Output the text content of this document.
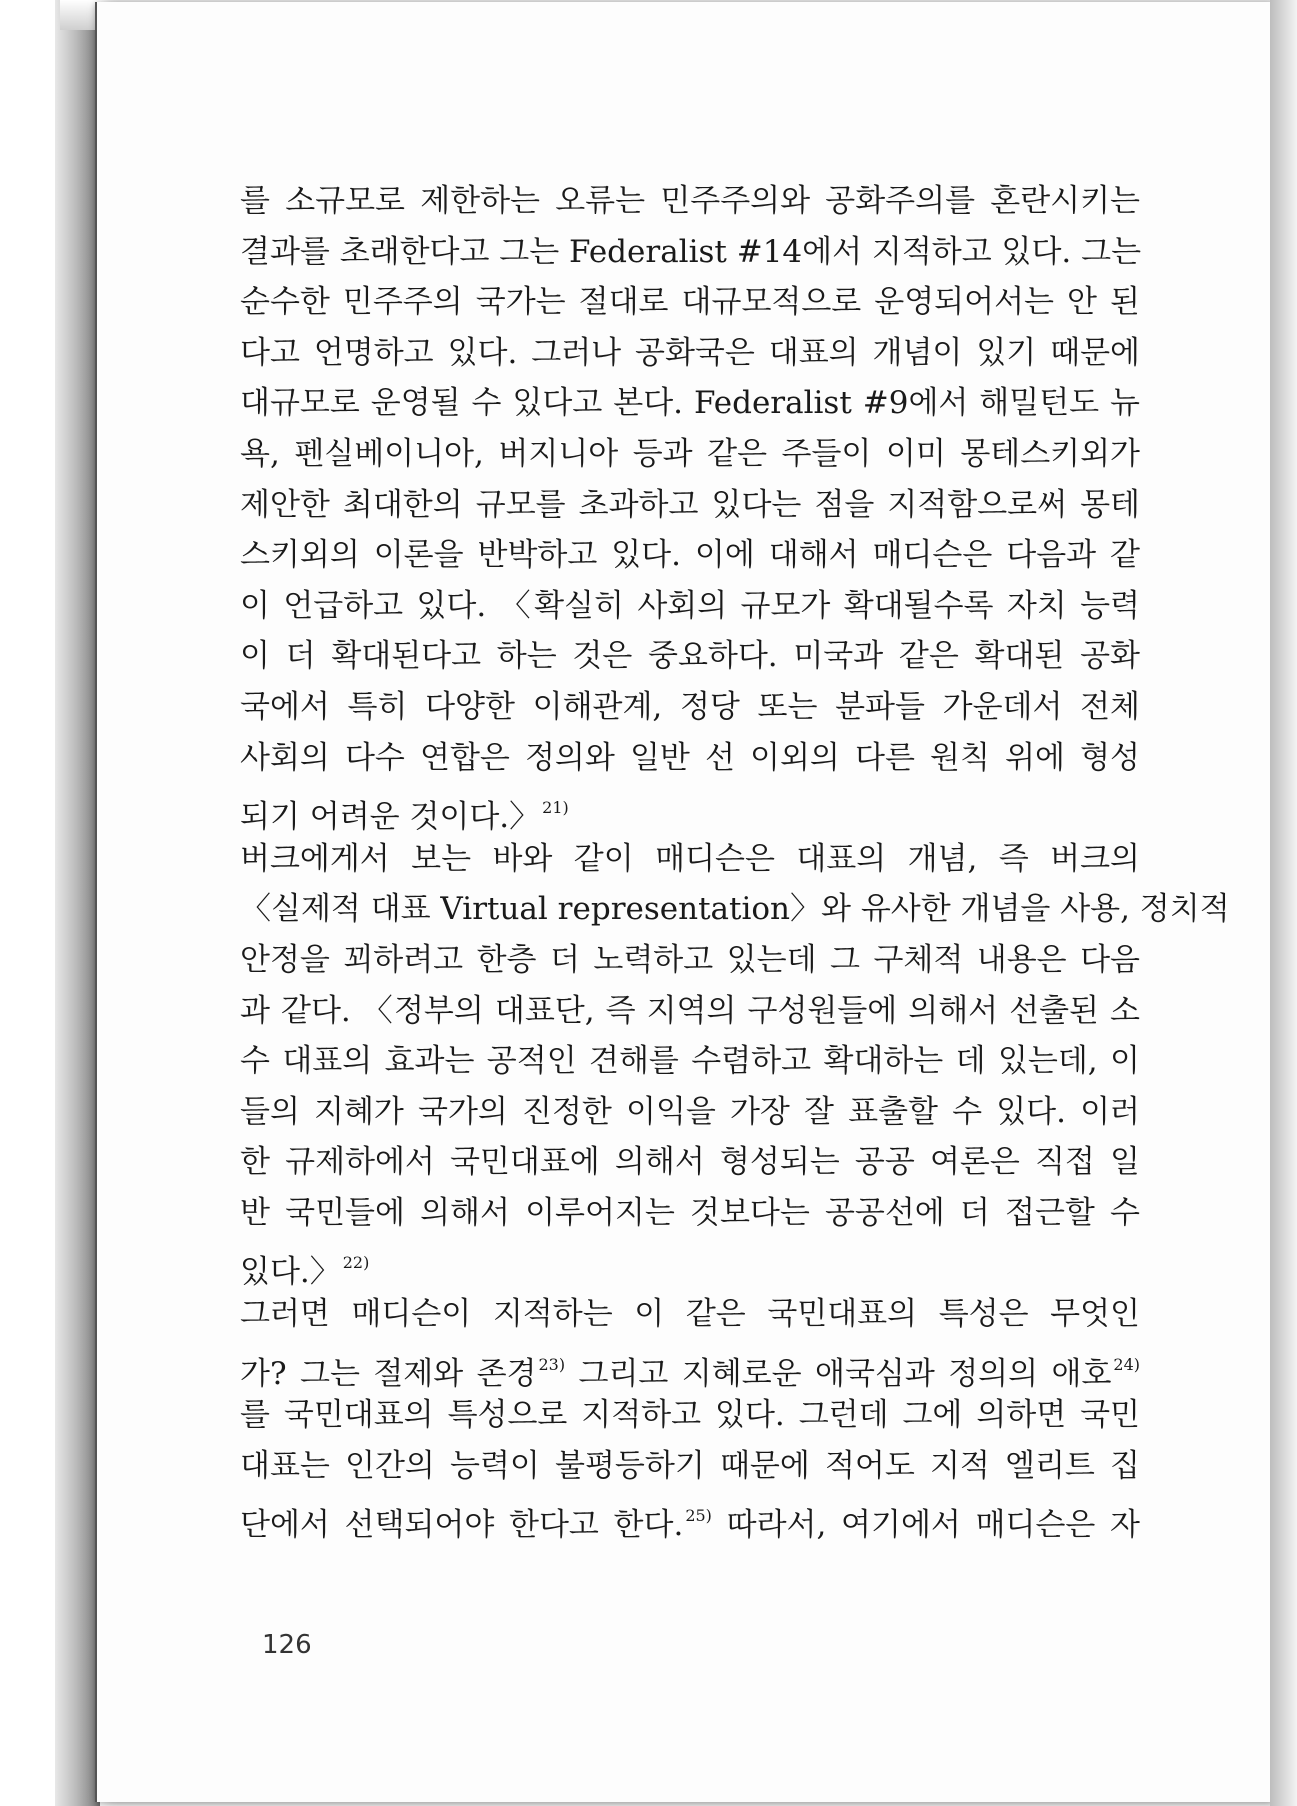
를 소규모로 제한하는 오류는 민주주의와 공화주의를 혼란시키는
결과를 초래한다고 그는 Federalist #14에서 지적하고 있다. 그는
순수한 민주주의 국가는 절대로 대규모적으로 운영되어서는 안 된
다고 언명하고 있다. 그러나 공화국은 대표의 개념이 있기 때문에
대규모로 운영될 수 있다고 본다. Federalist #9에서 해밀턴도 뉴
욕, 펜실베이니아, 버지니아 등과 같은 주들이 이미 몽테스키외가
제안한 최대한의 규모를 초과하고 있다는 점을 지적함으로써 몽테
스키외의 이론을 반박하고 있다. 이에 대해서 매디슨은 다음과 같
이 언급하고 있다. 〈확실히 사회의 규모가 확대될수록 자치 능력
이 더 확대된다고 하는 것은 중요하다. 미국과 같은 확대된 공화
국에서 특히 다양한 이해관계, 정당 또는 분파들 가운데서 전체
사회의 다수 연합은 정의와 일반 선 이외의 다른 원칙 위에 형성
되기 어려운 것이다.〉 $^{21)}$
버크에게서 보는 바와 같이 매디슨은 대표의 개념, 즉 버크의
〈실제적 대표 Virtual representation〉와 유사한 개념을 사용, 정치적
안정을 꾀하려고 한층 더 노력하고 있는데 그 구체적 내용은 다음
과 같다. 〈정부의 대표단, 즉 지역의 구성원들에 의해서 선출된 소
수 대표의 효과는 공적인 견해를 수렴하고 확대하는 데 있는데, 이
들의 지혜가 국가의 진정한 이익을 가장 잘 표출할 수 있다. 이러
한 규제하에서 국민대표에 의해서 형성되는 공공 여론은 직접 일
반 국민들에 의해서 이루어지는 것보다는 공공선에 더 접근할 수
있다.〉 $^{22)}$
그러면 매디슨이 지적하는 이 같은 국민대표의 특성은 무엇인
가? 그는 절제와 존경 $^{23)}$ 그리고 지혜로운 애국심과 정의의 애호 $^{24)}$
를 국민대표의 특성으로 지적하고 있다. 그런데 그에 의하면 국민
대표는 인간의 능력이 불평등하기 때문에 적어도 지적 엘리트 집
단에서 선택되어야 한다고 한다. $^{25)}$ 따라서, 여기에서 매디슨은 자
126
